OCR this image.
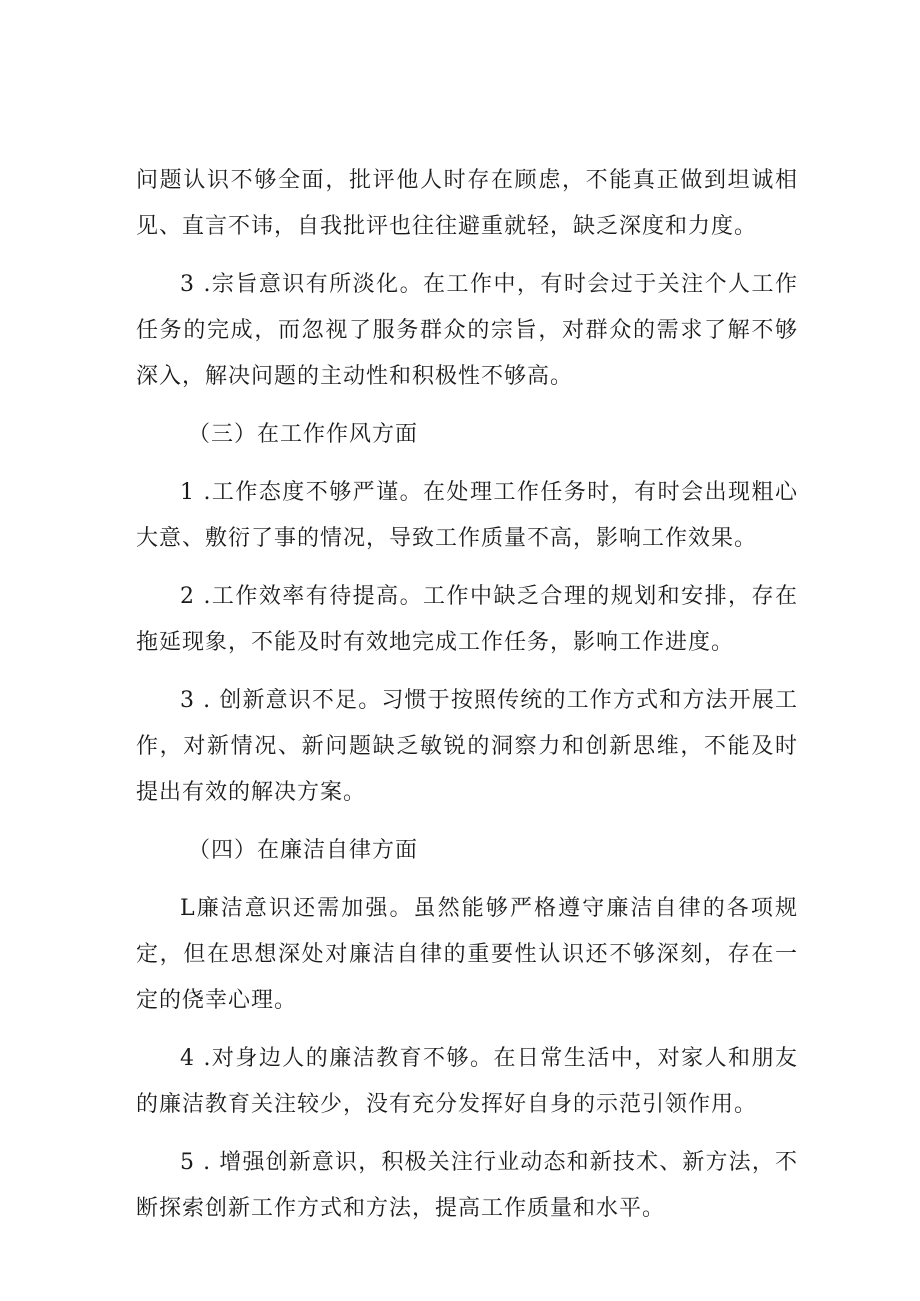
问题认识不够全面，批评他人时存在顾虑，不能真正做到坦诚相见、直言不讳，自我批评也往往避重就轻，缺乏深度和力度。

3 .宗旨意识有所淡化。在工作中，有时会过于关注个人工作任务的完成，而忽视了服务群众的宗旨，对群众的需求了解不够深入，解决问题的主动性和积极性不够高。

（三）在工作作风方面

1 .工作态度不够严谨。在处理工作任务时，有时会出现粗心大意、敷衍了事的情况，导致工作质量不高，影响工作效果。

2 .工作效率有待提高。工作中缺乏合理的规划和安排，存在拖延现象，不能及时有效地完成工作任务，影响工作进度。

3 . 创新意识不足。习惯于按照传统的工作方式和方法开展工作，对新情况、新问题缺乏敏锐的洞察力和创新思维，不能及时提出有效的解决方案。

（四）在廉洁自律方面

L廉洁意识还需加强。虽然能够严格遵守廉洁自律的各项规定，但在思想深处对廉洁自律的重要性认识还不够深刻，存在一定的侥幸心理。

4 .对身边人的廉洁教育不够。在日常生活中，对家人和朋友的廉洁教育关注较少，没有充分发挥好自身的示范引领作用。

5 . 增强创新意识，积极关注行业动态和新技术、新方法，不断探索创新工作方式和方法，提高工作质量和水平。
